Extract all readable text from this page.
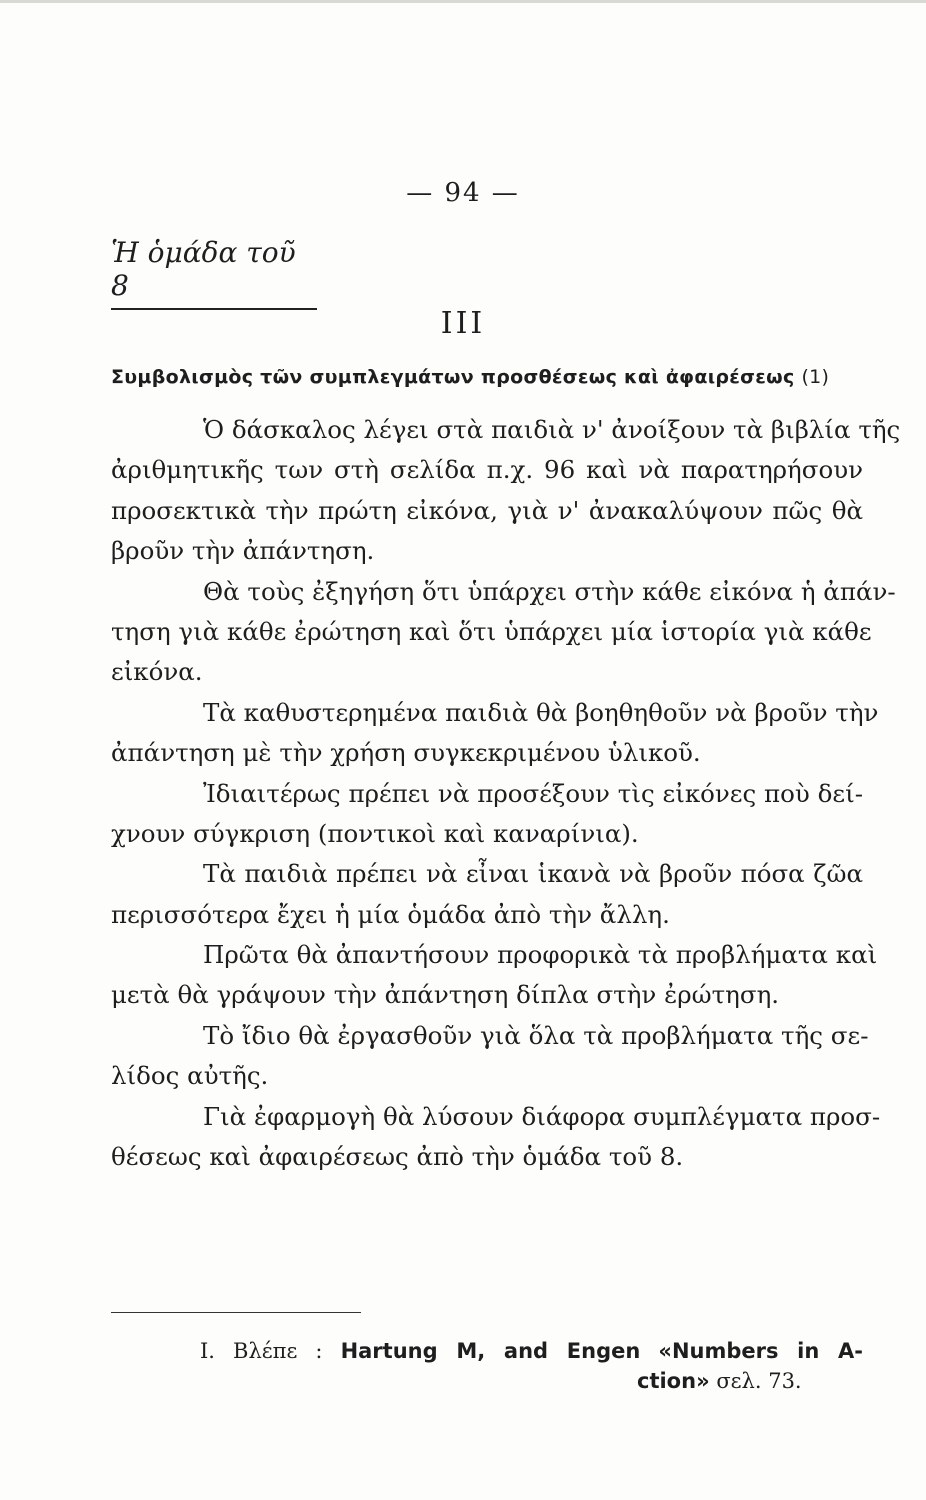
— 94 —
Ἡ ὁμάδα τοῦ 8
III
Συμβολισμὸς τῶν συμπλεγμάτων προσθέσεως καὶ ἀφαιρέσεως (1)
Ὁ δάσκαλος λέγει στὰ παιδιὰ ν' ἀνοίξουν τὰ βιβλία τῆς
ἀριθμητικῆς των στὴ σελίδα π.χ. 96 καὶ νὰ παρατηρήσουν
προσεκτικὰ τὴν πρώτη εἰκόνα, γιὰ ν' ἀνακαλύψουν πῶς θὰ
βροῦν τὴν ἀπάντηση.
Θὰ τοὺς ἐξηγήση ὅτι ὑπάρχει στὴν κάθε εἰκόνα ἡ ἀπάν-
τηση γιὰ κάθε ἐρώτηση καὶ ὅτι ὑπάρχει μία ἱστορία γιὰ κάθε
εἰκόνα.
Τὰ καθυστερημένα παιδιὰ θὰ βοηθηθοῦν νὰ βροῦν τὴν
ἀπάντηση μὲ τὴν χρήση συγκεκριμένου ὑλικοῦ.
Ἰδιαιτέρως πρέπει νὰ προσέξουν τὶς εἰκόνες ποὺ δεί-
χνουν σύγκριση (ποντικοὶ καὶ καναρίνια).
Τὰ παιδιὰ πρέπει νὰ εἶναι ἱκανὰ νὰ βροῦν πόσα ζῶα
περισσότερα ἔχει ἡ μία ὁμάδα ἀπὸ τὴν ἄλλη.
Πρῶτα θὰ ἀπαντήσουν προφορικὰ τὰ προβλήματα καὶ
μετὰ θὰ γράψουν τὴν ἀπάντηση δίπλα στὴν ἐρώτηση.
Τὸ ἴδιο θὰ ἐργασθοῦν γιὰ ὅλα τὰ προβλήματα τῆς σε-
λίδος αὐτῆς.
Γιὰ ἐφαρμογὴ θὰ λύσουν διάφορα συμπλέγματα προσ-
θέσεως καὶ ἀφαιρέσεως ἀπὸ τὴν ὁμάδα τοῦ 8.
I. Βλέπε : Hartung M, and Engen «Numbers in A-
ction» σελ. 73.
